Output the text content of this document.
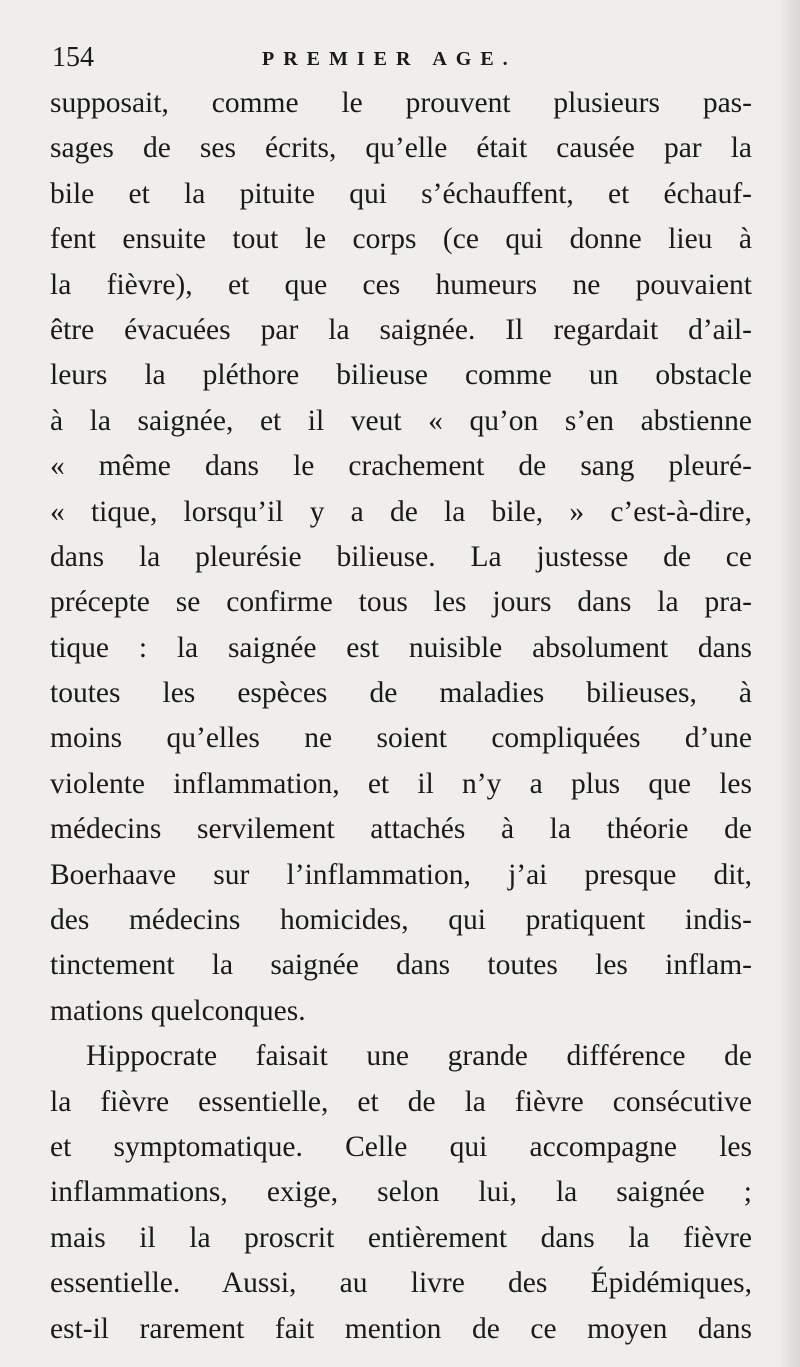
154	PREMIER AGE.
supposait, comme le prouvent plusieurs pas-
sages de ses écrits, qu’elle était causée par la
bile et la pituite qui s’échauffent, et échauf-
fent ensuite tout le corps (ce qui donne lieu à
la fièvre), et que ces humeurs ne pouvaient
être évacuées par la saignée. Il regardait d’ail-
leurs la pléthore bilieuse comme un obstacle
à la saignée, et il veut « qu’on s’en abstienne
« même dans le crachement de sang pleuré-
« tique, lorsqu’il y a de la bile, » c’est-à-dire,
dans la pleurésie bilieuse. La justesse de ce
précepte se confirme tous les jours dans la pra-
tique : la saignée est nuisible absolument dans
toutes les espèces de maladies bilieuses, à
moins qu’elles ne soient compliquées d’une
violente inflammation, et il n’y a plus que les
médecins servilement attachés à la théorie de
Boerhaave sur l’inflammation, j’ai presque dit,
des médecins homicides, qui pratiquent indis-
tinctement la saignée dans toutes les inflam-
mations quelconques.
Hippocrate faisait une grande différence de
la fièvre essentielle, et de la fièvre consécutive
et symptomatique. Celle qui accompagne les
inflammations, exige, selon lui, la saignée ;
mais il la proscrit entièrement dans la fièvre
essentielle. Aussi, au livre des Épidémiques,
est-il rarement fait mention de ce moyen dans
